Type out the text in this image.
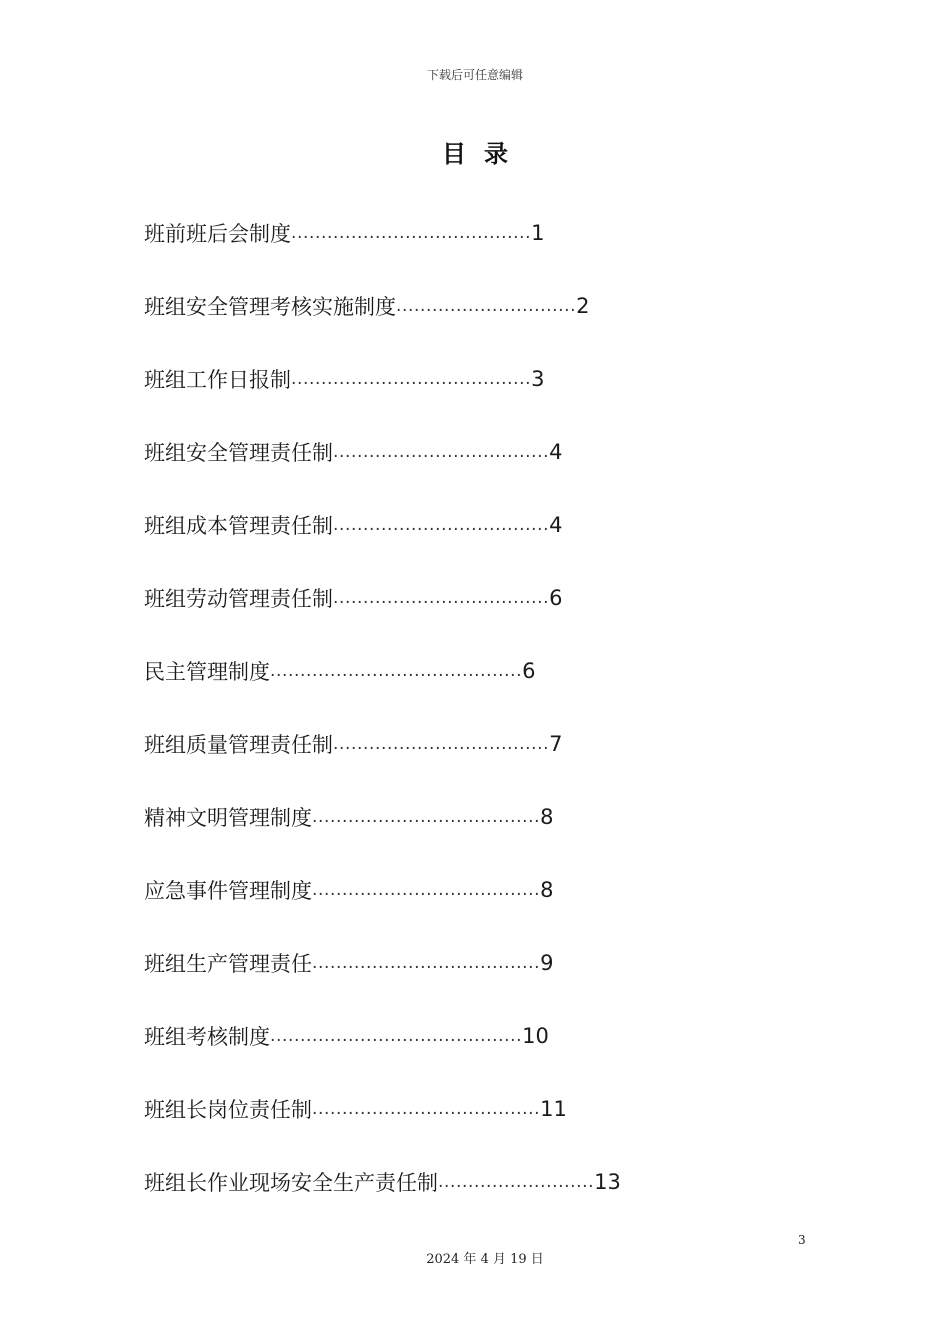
下载后可任意编辑
目录
班前班后会制度 ........................................ 1
班组安全管理考核实施制度 .............................. 2
班组工作日报制 ........................................ 3
班组安全管理责任制 .................................... 4
班组成本管理责任制 .................................... 4
班组劳动管理责任制 .................................... 6
民主管理制度 .......................................... 6
班组质量管理责任制 .................................... 7
精神文明管理制度 ...................................... 8
应急事件管理制度 ...................................... 8
班组生产管理责任 ...................................... 9
班组考核制度 .......................................... 10
班组长岗位责任制 ...................................... 11
班组长作业现场安全生产责任制 .......................... 13
3
2024 年 4 月 19 日
